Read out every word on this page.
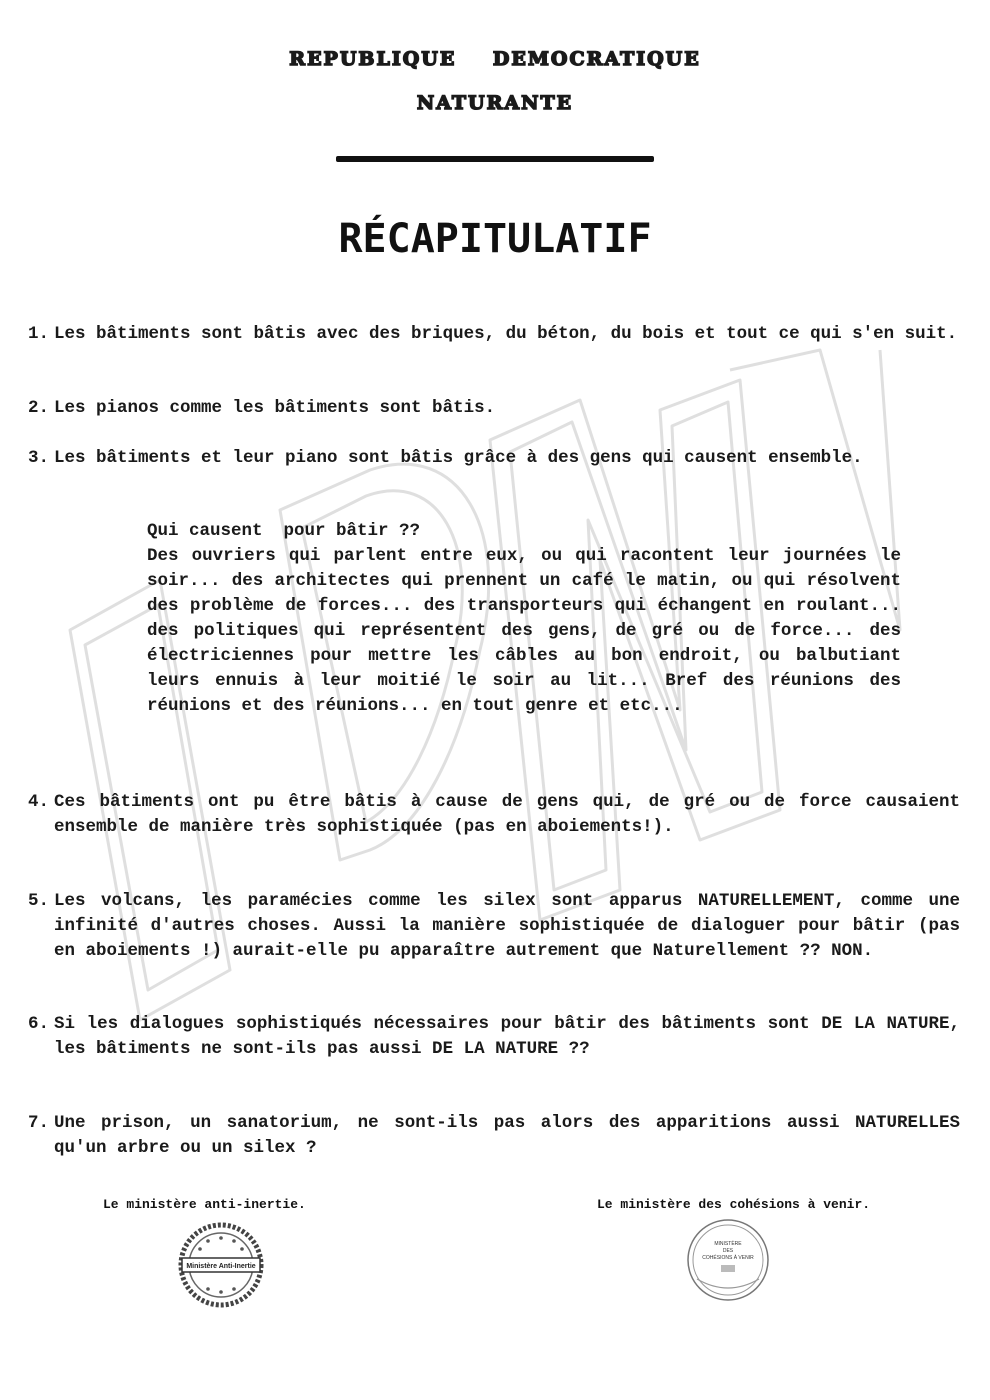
REPUBLIQUE DEMOCRATIQUE
NATURANTE
RÉCAPITULATIF
1. Les bâtiments sont bâtis avec des briques, du béton, du bois et tout ce qui s'en suit.
2. Les pianos comme les bâtiments sont bâtis.
3. Les bâtiments et leur piano sont bâtis grâce à des gens qui causent ensemble.
Qui causent  pour bâtir ??
Des ouvriers qui parlent entre eux, ou qui racontent leur journées le soir... des architectes qui prennent un café le matin, ou qui résolvent des problème de forces... des transporteurs qui échangent en roulant... des politiques qui représentent des gens, de gré ou de force... des électriciennes pour mettre les câbles au bon endroit, ou balbutiant leurs ennuis à leur moitié le soir au lit... Bref des réunions des réunions et des réunions... en tout genre et etc...
4. Ces bâtiments ont pu être bâtis à cause de gens qui, de gré ou de force causaient ensemble de manière très sophistiquée (pas en aboiements!).
5. Les volcans, les paramécies comme les silex sont apparus NATURELLEMENT, comme une infinité d'autres choses. Aussi la manière sophistiquée de dialoguer pour bâtir (pas en aboiements !) aurait-elle pu apparaître autrement que Naturellement ?? NON.
6. Si les dialogues sophistiqués nécessaires pour bâtir des bâtiments sont DE LA NATURE, les bâtiments ne sont-ils pas aussi DE LA NATURE ??
7. Une prison, un sanatorium, ne sont-ils pas alors des apparitions aussi NATURELLES qu'un arbre ou un silex ?
Le ministère anti-inertie.	Le ministère des cohésions à venir.
Ministère Anti-Inertie
MINISTÈRE
DES
COHÉSIONS À VENIR
